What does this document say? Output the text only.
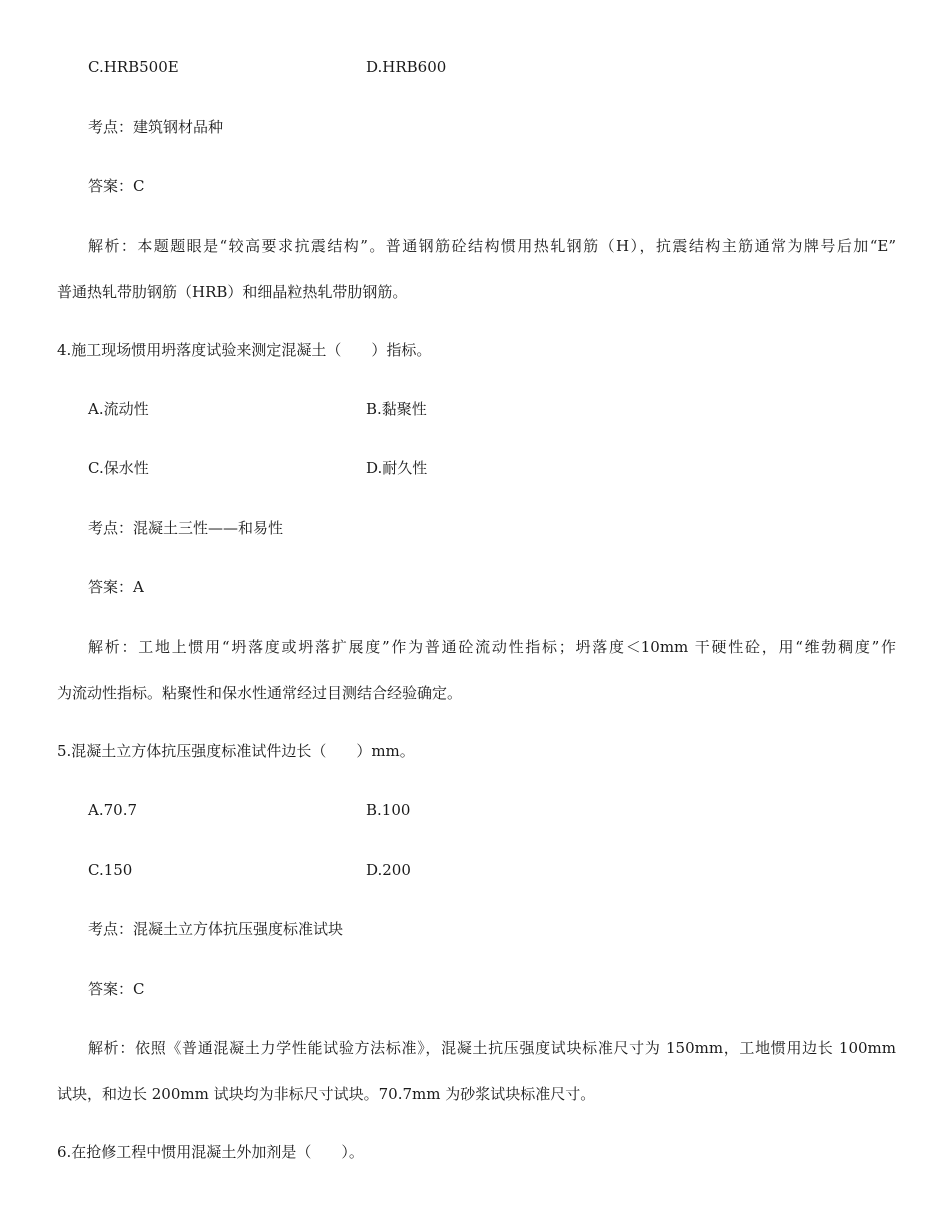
C.HRB500E	D.HRB600
考点：建筑钢材品种
答案：C
解析：本题题眼是“较高要求抗震结构”。普通钢筋砼结构惯用热轧钢筋（H），抗震结构主筋通常为牌号后加“E”
普通热轧带肋钢筋（HRB）和细晶粒热轧带肋钢筋。
4.施工现场惯用坍落度试验来测定混凝土（　　）指标。
A.流动性	B.黏聚性
C.保水性	D.耐久性
考点：混凝土三性——和易性
答案：A
解析：工地上惯用“坍落度或坍落扩展度”作为普通砼流动性指标；坍落度＜10mm 干硬性砼，用“维勃稠度”作
为流动性指标。粘聚性和保水性通常经过目测结合经验确定。
5.混凝土立方体抗压强度标准试件边长（　　）mm。
A.70.7	B.100
C.150	D.200
考点：混凝土立方体抗压强度标准试块
答案：C
解析：依照《普通混凝土力学性能试验方法标准》，混凝土抗压强度试块标准尺寸为 150mm，工地惯用边长 100mm
试块，和边长 200mm 试块均为非标尺寸试块。70.7mm 为砂浆试块标准尺寸。
6.在抢修工程中惯用混凝土外加剂是（　　）。
